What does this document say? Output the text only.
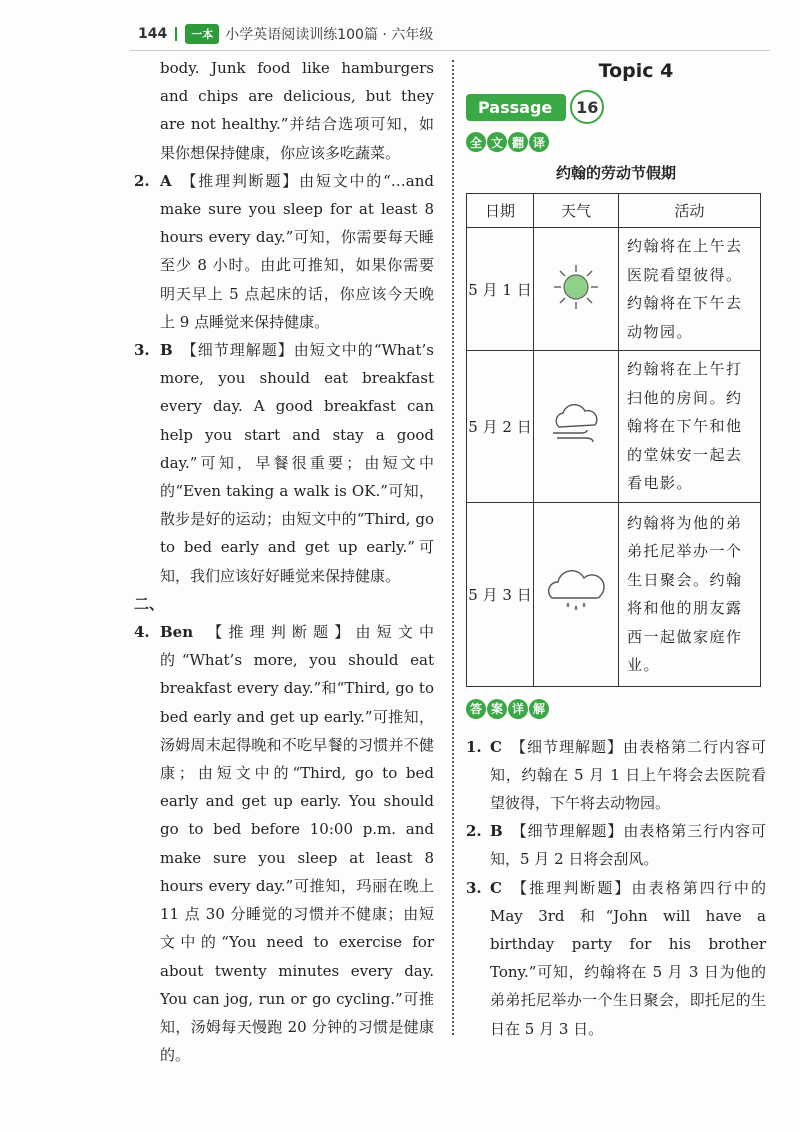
144	一本 小学英语阅读训练100篇 · 六年级

body. Junk food like hamburgers and chips are delicious, but they are not healthy.”并结合选项可知，如果你想保持健康，你应该多吃蔬菜。

2. A 【推理判断题】由短文中的“…and make sure you sleep for at least 8 hours every day.”可知，你需要每天睡至少 8 小时。由此可推知，如果你需要明天早上 5 点起床的话，你应该今天晚上 9 点睡觉来保持健康。

3. B 【细节理解题】由短文中的“What’s more, you should eat breakfast every day. A good breakfast can help you start and stay a good day.”可知，早餐很重要；由短文中的“Even taking a walk is OK.”可知，散步是好的运动；由短文中的“Third, go to bed early and get up early.”可知，我们应该好好睡觉来保持健康。

二、

4. Ben 【推理判断题】由短文中的“What’s more, you should eat breakfast every day.”和“Third, go to bed early and get up early.”可推知，汤姆周末起得晚和不吃早餐的习惯并不健康；由短文中的“Third, go to bed early and get up early. You should go to bed before 10:00 p.m. and make sure you sleep at least 8 hours every day.”可推知，玛丽在晚上 11 点 30 分睡觉的习惯并不健康；由短文中的“You need to exercise for about twenty minutes every day. You can jog, run or go cycling.”可推知，汤姆每天慢跑 20 分钟的习惯是健康的。

Topic 4
Passage	16
全 文 翻 译
约翰的劳动节假期
日期	天气	活动
5 月 1 日		约翰将在上午去医院看望彼得。约翰将在下午去动物园。
5 月 2 日		约翰将在上午打扫他的房间。约翰将在下午和他的堂妹安一起去看电影。
5 月 3 日		约翰将为他的弟弟托尼举办一个生日聚会。约翰将和他的朋友露西一起做家庭作业。
答 案 详 解

1. C 【细节理解题】由表格第二行内容可知，约翰在 5 月 1 日上午将会去医院看望彼得，下午将去动物园。

2. B 【细节理解题】由表格第三行内容可知，5 月 2 日将会刮风。

3. C 【推理判断题】由表格第四行中的 May 3rd 和“John will have a birthday party for his brother Tony.”可知，约翰将在 5 月 3 日为他的弟弟托尼举办一个生日聚会，即托尼的生日在 5 月 3 日。
